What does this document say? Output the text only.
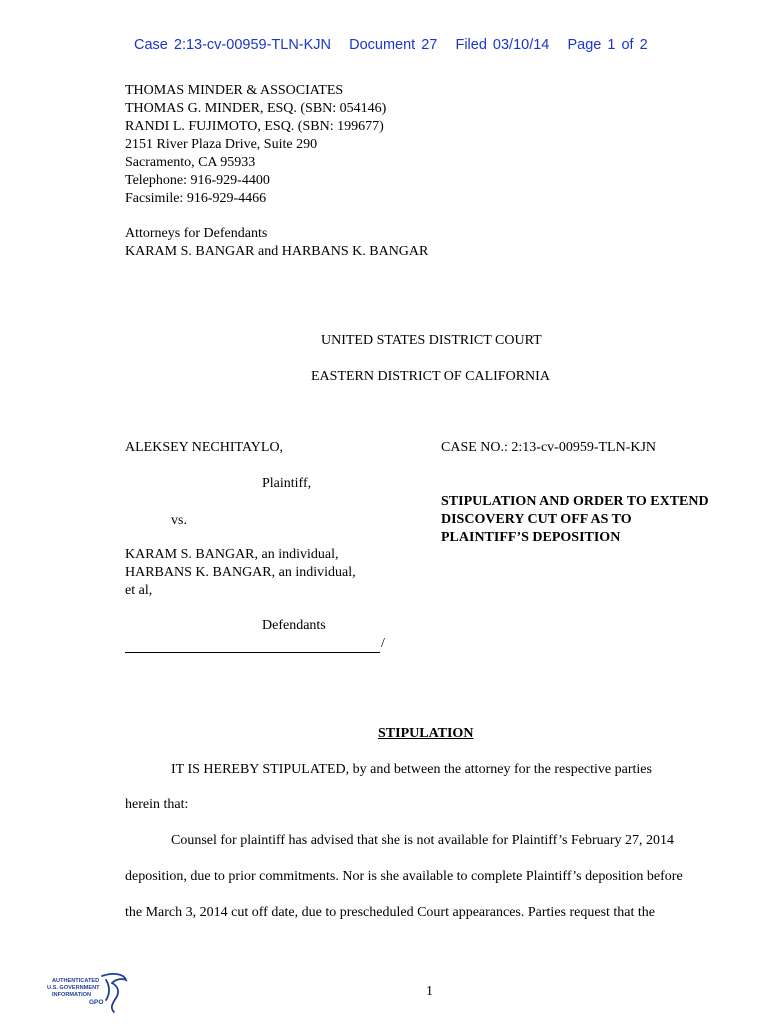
Case 2:13-cv-00959-TLN-KJN Document 27 Filed 03/10/14 Page 1 of 2
THOMAS MINDER & ASSOCIATES
THOMAS G. MINDER, ESQ. (SBN: 054146)
RANDI L. FUJIMOTO, ESQ. (SBN: 199677)
2151 River Plaza Drive, Suite 290
Sacramento, CA 95933
Telephone: 916-929-4400
Facsimile: 916-929-4466
Attorneys for Defendants
KARAM S. BANGAR and HARBANS K. BANGAR
UNITED STATES DISTRICT COURT
EASTERN DISTRICT OF CALIFORNIA
ALEKSEY NECHITAYLO,
Plaintiff,
vs.
KARAM S. BANGAR, an individual,
HARBANS K. BANGAR, an individual,
et al,
Defendants
/
CASE NO.: 2:13-cv-00959-TLN-KJN
STIPULATION AND ORDER TO EXTEND
DISCOVERY CUT OFF AS TO
PLAINTIFF’S DEPOSITION
STIPULATION
IT IS HEREBY STIPULATED, by and between the attorney for the respective parties
herein that:
Counsel for plaintiff has advised that she is not available for Plaintiff’s February 27, 2014
deposition, due to prior commitments. Nor is she available to complete Plaintiff’s deposition before
the March 3, 2014 cut off date, due to prescheduled Court appearances. Parties request that the
1
AUTHENTICATED
U.S. GOVERNMENT
INFORMATION
GPO
